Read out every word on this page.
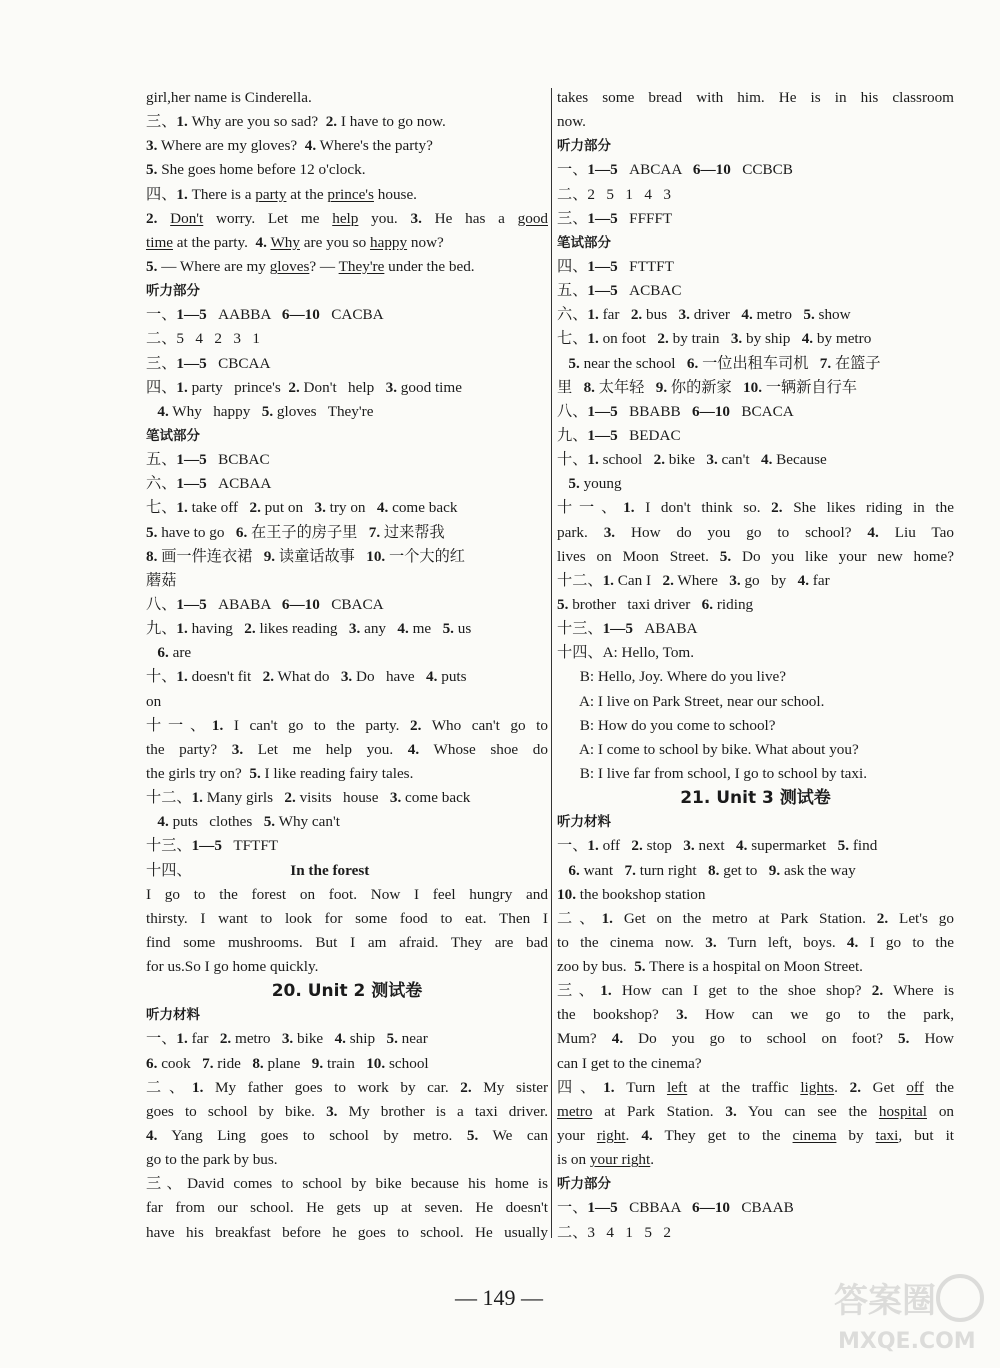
girl,her name is Cinderella.
三、1. Why are you so sad?  2. I have to go now.
3. Where are my gloves?  4. Where's the party?
5. She goes home before 12 o'clock.
四、1. There is a party at the prince's house.
2. Don't worry. Let me help you. 3. He has a good
time at the party.  4. Why are you so happy now?
5. — Where are my gloves? — They're under the bed.
听力部分
一、1—5   AABBA   6—10   CACBA
二、5   4   2   3   1
三、1—5   CBCAA
四、1. party   prince's  2. Don't   help   3. good time
4. Why   happy   5. gloves   They're
笔试部分
五、1—5   BCBAC
六、1—5   ACBAA
七、1. take off   2. put on   3. try on   4. come back
5. have to go   6. 在王子的房子里   7. 过来帮我
8. 画一件连衣裙   9. 读童话故事   10. 一个大的红
蘑菇
八、1—5   ABABA   6—10   CBACA
九、1. having   2. likes reading   3. any   4. me   5. us
6. are
十、1. doesn't fit   2. What do   3. Do   have   4. puts
on
十一、1. I can't go to the party. 2. Who can't go to
the party? 3. Let me help you. 4. Whose shoe do
the girls try on?  5. I like reading fairy tales.
十二、1. Many girls   2. visits   house   3. come back
4. puts   clothes   5. Why can't
十三、1—5   TFTFT
十四、                          In the forest
I go to the forest on foot. Now I feel hungry and
thirsty. I want to look for some food to eat. Then I
find some mushrooms. But I am afraid. They are bad
for us.So I go home quickly.
20. Unit 2 测试卷
听力材料
一、1. far   2. metro   3. bike   4. ship   5. near
6. cook   7. ride   8. plane   9. train   10. school
二、1. My father goes to work by car. 2. My sister
goes to school by bike. 3. My brother is a taxi driver.
4. Yang Ling goes to school by metro. 5. We can
go to the park by bus.
三、David comes to school by bike because his home is
far from our school. He gets up at seven. He doesn't
have his breakfast before he goes to school. He usually
takes some bread with him. He is in his classroom
now.
听力部分
一、1—5   ABCAA   6—10   CCBCB
二、2   5   1   4   3
三、1—5   FFFFT
笔试部分
四、1—5   FTTFT
五、1—5   ACBAC
六、1. far   2. bus   3. driver   4. metro   5. show
七、1. on foot   2. by train   3. by ship   4. by metro
5. near the school   6. 一位出租车司机   7. 在篮子
里   8. 太年轻   9. 你的新家   10. 一辆新自行车
八、1—5   BBABB   6—10   BCACA
九、1—5   BEDAC
十、1. school   2. bike   3. can't   4. Because
5. young
十一、1. I don't think so. 2. She likes riding in the
park. 3. How do you go to school? 4. Liu Tao
lives on Moon Street. 5. Do you like your new home?
十二、1. Can I   2. Where   3. go   by   4. far
5. brother   taxi driver   6. riding
十三、1—5   ABABA
十四、A: Hello, Tom.
B: Hello, Joy. Where do you live?
A: I live on Park Street, near our school.
B: How do you come to school?
A: I come to school by bike. What about you?
B: I live far from school, I go to school by taxi.
21. Unit 3 测试卷
听力材料
一、1. off   2. stop   3. next   4. supermarket   5. find
6. want   7. turn right   8. get to   9. ask the way
10. the bookshop station
二、1. Get on the metro at Park Station. 2. Let's go
to the cinema now. 3. Turn left, boys. 4. I go to the
zoo by bus.  5. There is a hospital on Moon Street.
三、1. How can I get to the shoe shop? 2. Where is
the bookshop? 3. How can we go to the park,
Mum? 4. Do you go to school on foot? 5. How
can I get to the cinema?
四、1. Turn left at the traffic lights. 2. Get off the
metro at Park Station. 3. You can see the hospital on
your right. 4. They get to the cinema by taxi, but it
is on your right.
听力部分
一、1—5   CBBAA   6—10   CBAAB
二、3   4   1   5   2
— 149 —	答案圈
MXQE.COM
